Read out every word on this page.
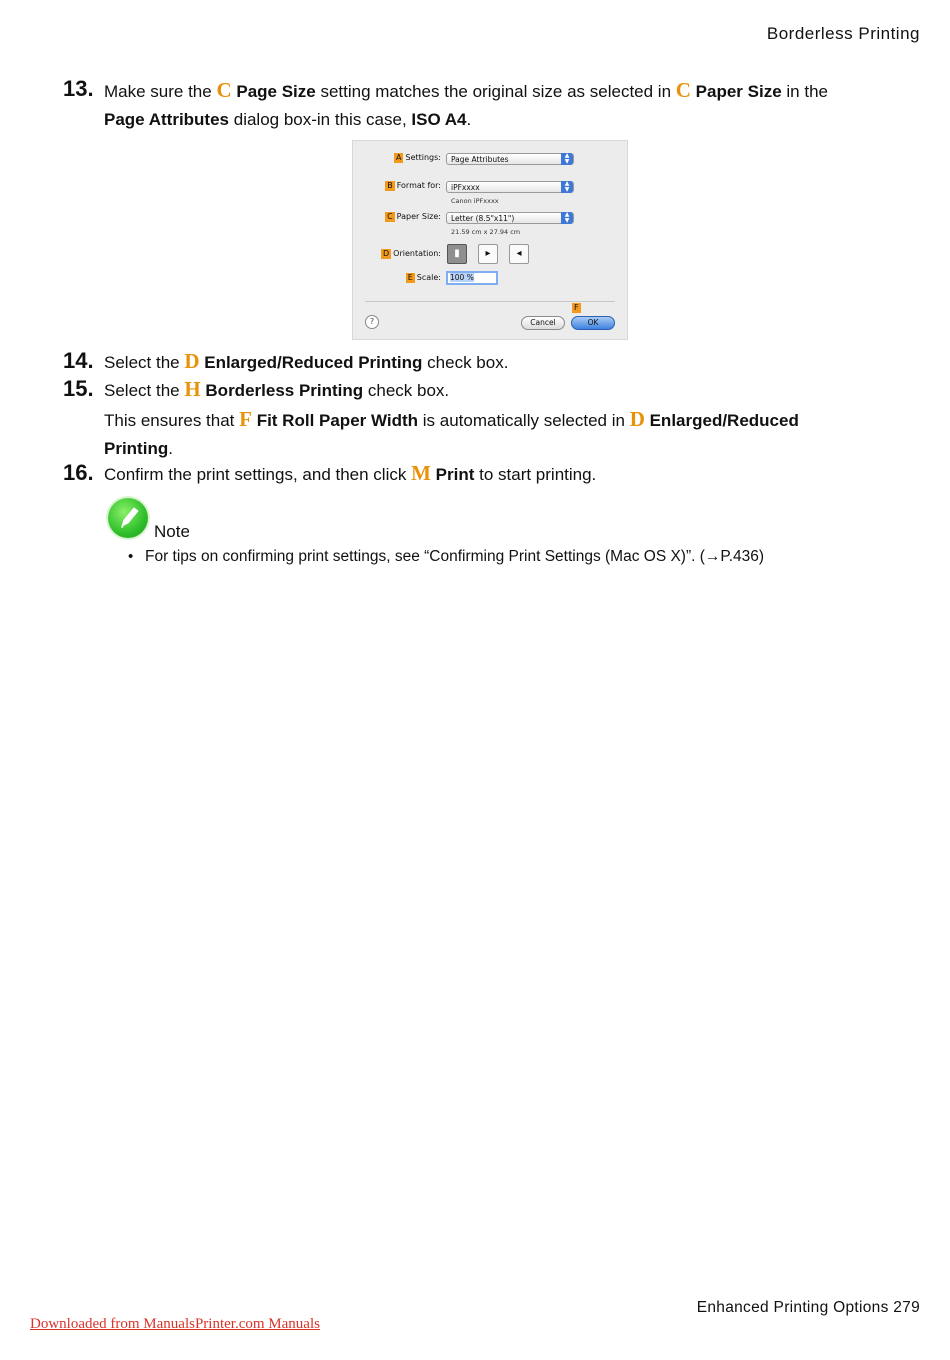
Borderless Printing
13. Make sure the C Page Size setting matches the original size as selected in C Paper Size in the
Page Attributes dialog box-in this case, ISO A4.
A Settings:	Page Attributes	▲
▼
B Format for:	iPFxxxx	▲
▼
Canon iPFxxxx
C Paper Size:	Letter (8.5"x11")	▲
▼
21.59 cm x 27.94 cm
D Orientation:	▮	▸	◂
E Scale:	100 %
F
?	Cancel	OK
14. Select the D Enlarged/Reduced Printing check box.
15. Select the H Borderless Printing check box.
This ensures that F Fit Roll Paper Width is automatically selected in D Enlarged/Reduced
Printing.
16. Confirm the print settings, and then click M Print to start printing.
Note
• For tips on confirming print settings, see “Confirming Print Settings (Mac OS X)”. (→P.436)
Enhanced Printing Options 279
Downloaded from ManualsPrinter.com Manuals
